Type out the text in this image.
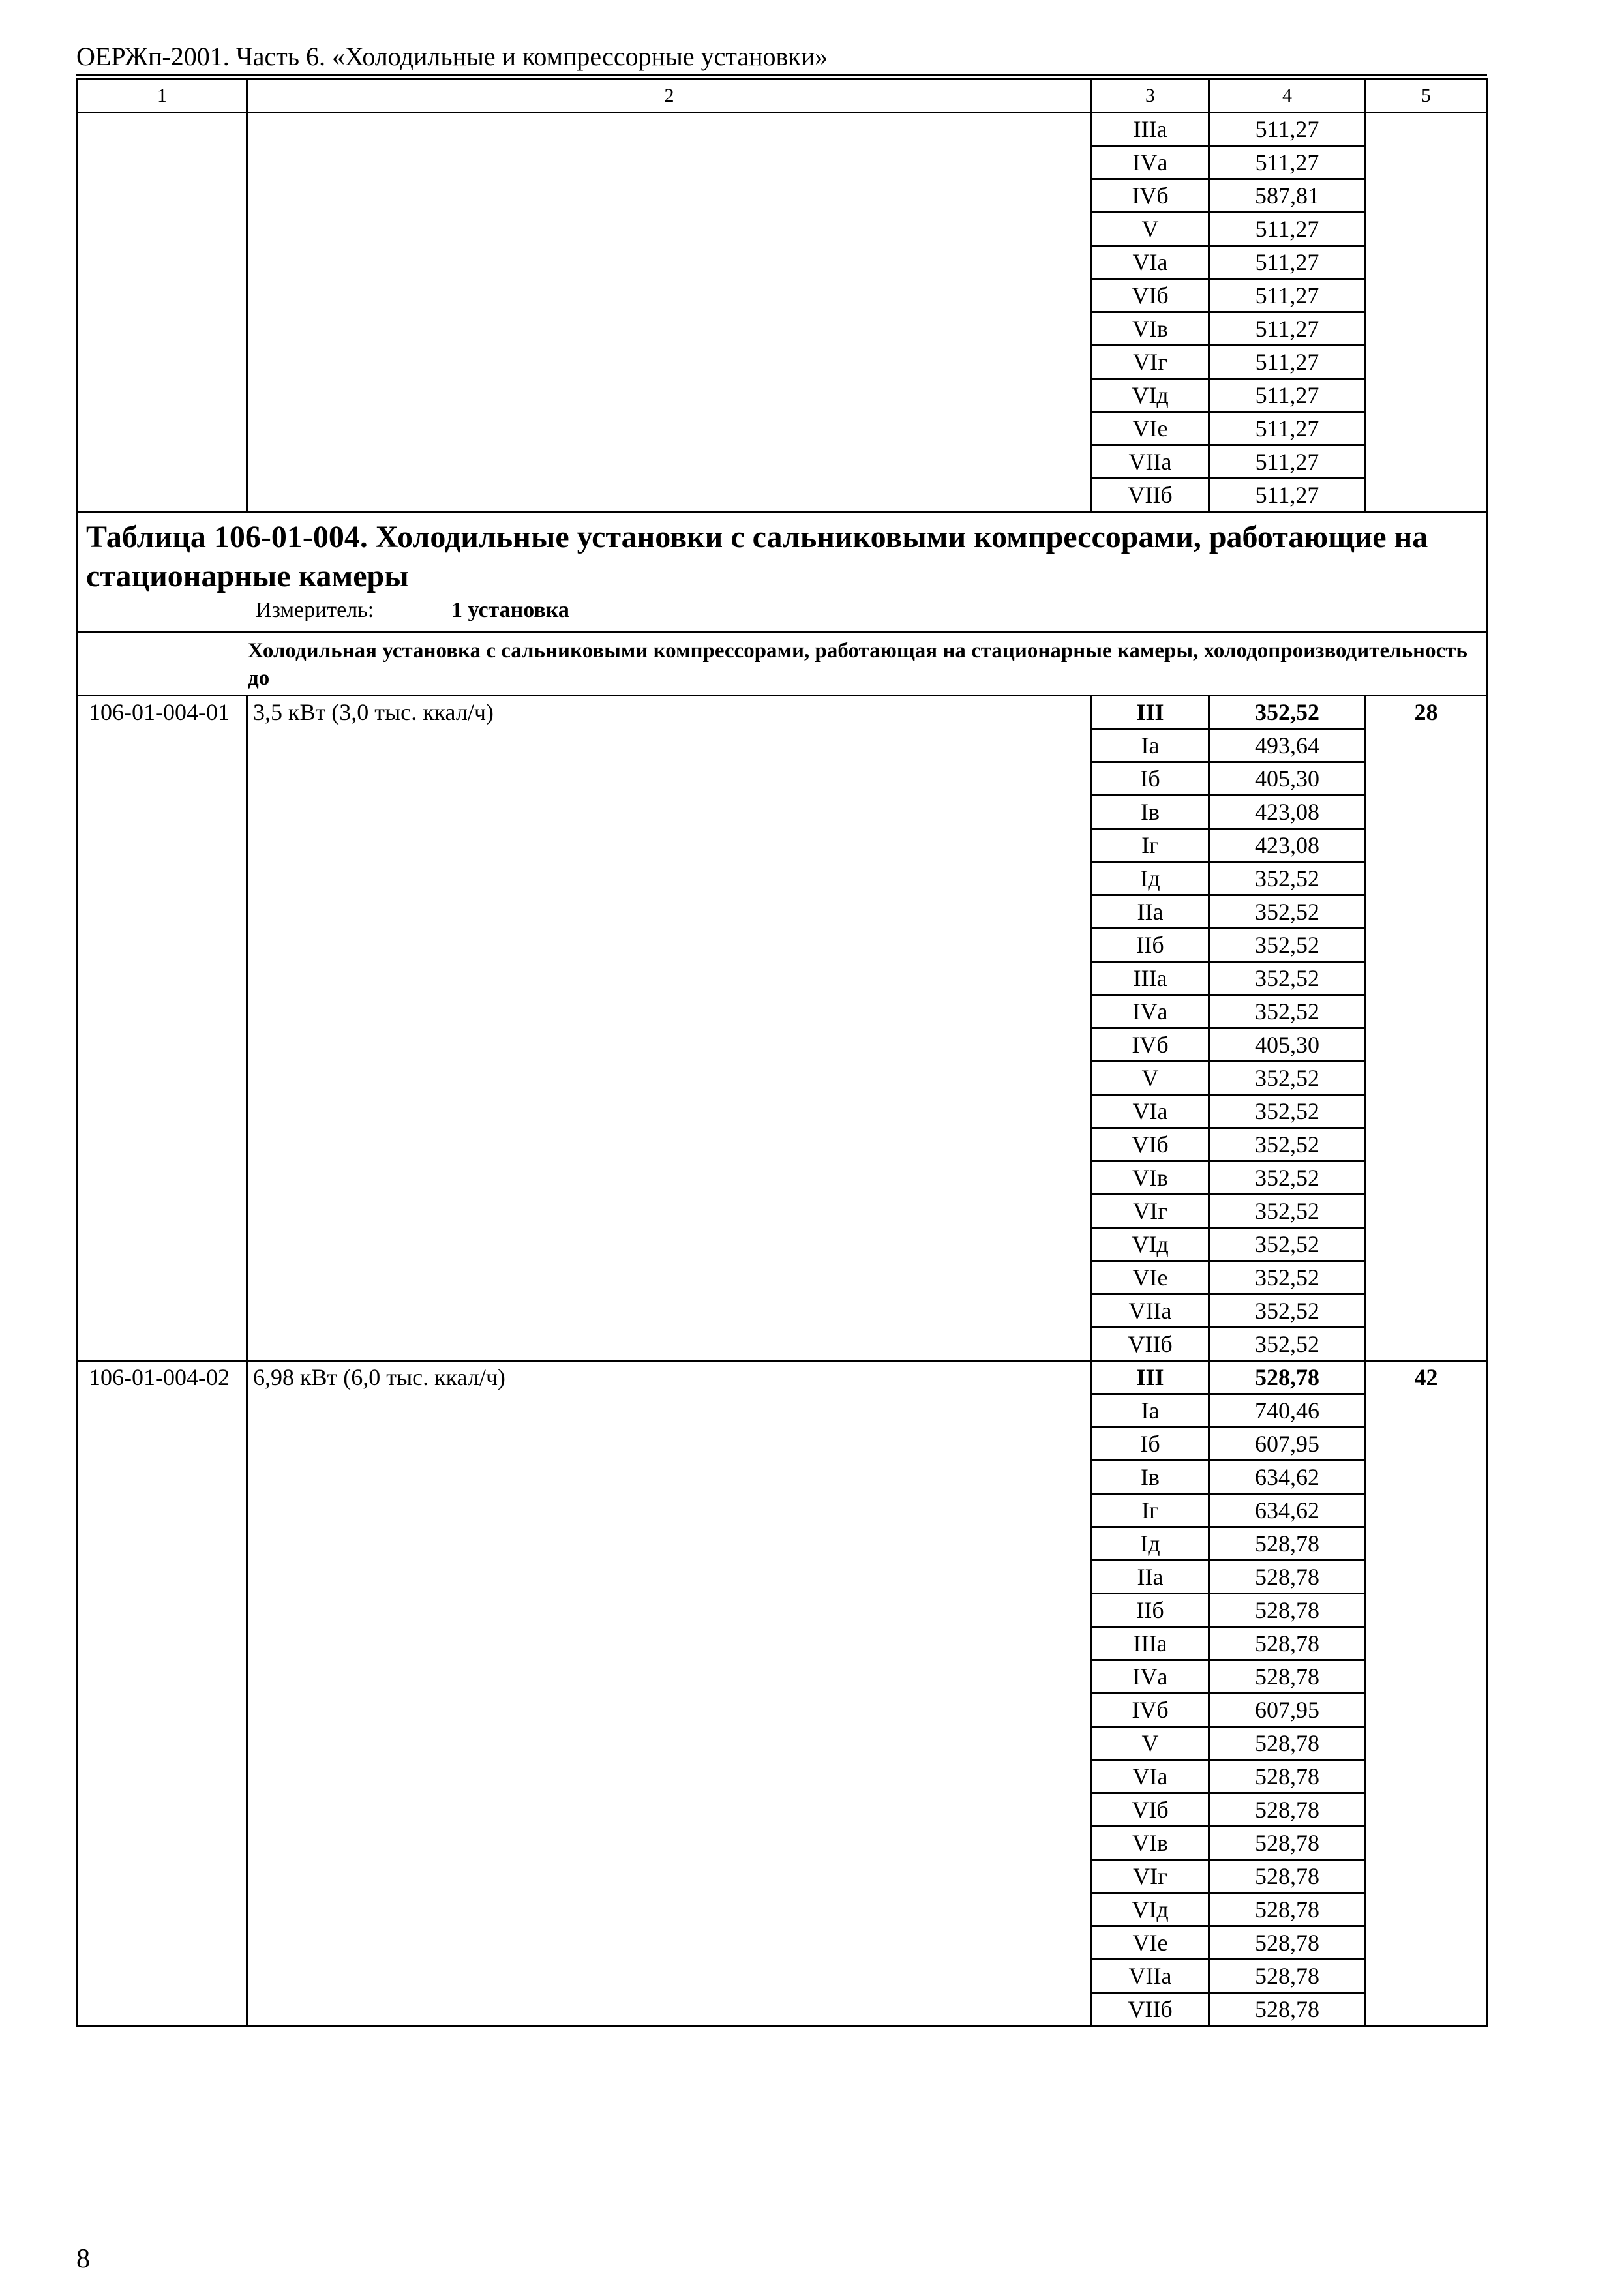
ОЕРЖп-2001. Часть 6. «Холодильные и компрессорные установки»
1	2	3	4	5
		IIIа	511,27	
		IVа	511,27	
		IVб	587,81	
		V	511,27	
		VIа	511,27	
		VIб	511,27	
		VIв	511,27	
		VIг	511,27	
		VIд	511,27	
		VIе	511,27	
		VIIа	511,27	
		VIIб	511,27	

Таблица 106-01-004. Холодильные установки с сальниковыми компрессорами, работающие на стационарные камеры
Измеритель: 1 установка				

Холодильная установка с сальниковыми компрессорами, работающая на стационарные камеры, холодопроизводительность до				
106-01-004-01	3,5 кВт (3,0 тыс. ккал/ч)	III	352,52	28
		Iа	493,64	
		Iб	405,30	
		Iв	423,08	
		Iг	423,08	
		Iд	352,52	
		IIа	352,52	
		IIб	352,52	
		IIIа	352,52	
		IVа	352,52	
		IVб	405,30	
		V	352,52	
		VIа	352,52	
		VIб	352,52	
		VIв	352,52	
		VIг	352,52	
		VIд	352,52	
		VIе	352,52	
		VIIа	352,52	
		VIIб	352,52	
106-01-004-02	6,98 кВт (6,0 тыс. ккал/ч)	III	528,78	42
		Iа	740,46	
		Iб	607,95	
		Iв	634,62	
		Iг	634,62	
		Iд	528,78	
		IIа	528,78	
		IIб	528,78	
		IIIа	528,78	
		IVа	528,78	
		IVб	607,95	
		V	528,78	
		VIа	528,78	
		VIб	528,78	
		VIв	528,78	
		VIг	528,78	
		VIд	528,78	
		VIе	528,78	
		VIIа	528,78	
		VIIб	528,78	
8
